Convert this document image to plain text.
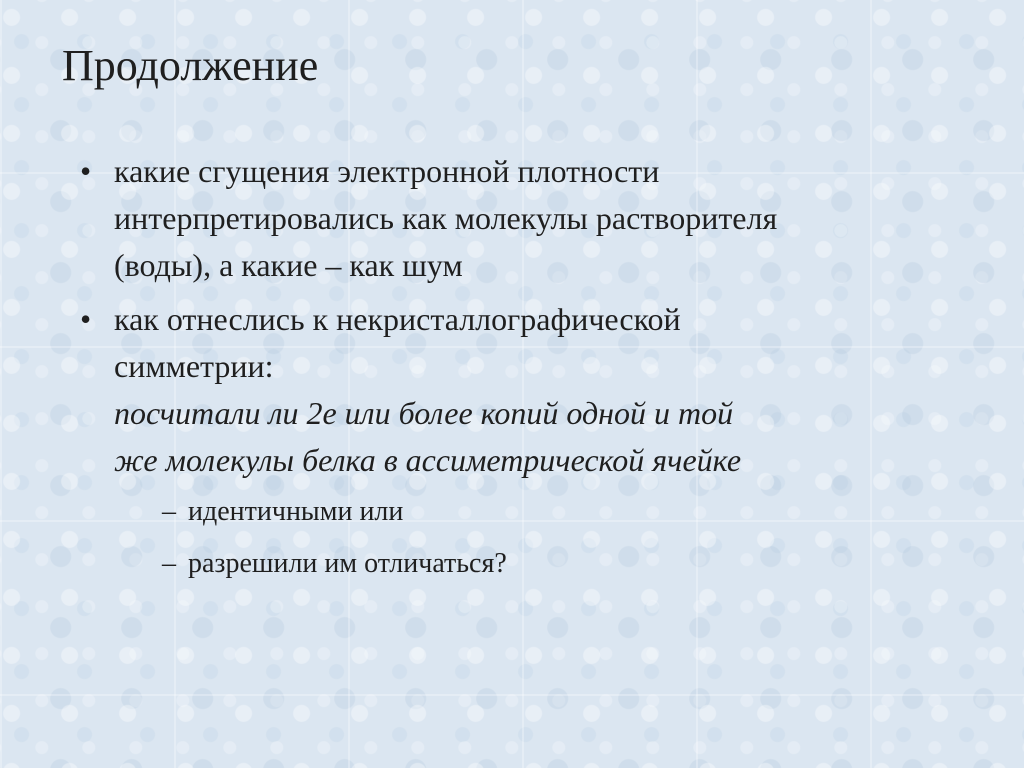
Продолжение
• какие сгущения электронной плотности
интерпретировались как молекулы растворителя
(воды), а какие – как шум
• как отнеслись к некристаллографической
симметрии:
посчитали ли 2е или более копий одной и той
же молекулы белка в ассиметрической ячейке
– идентичными или
– разрешили им отличаться?
